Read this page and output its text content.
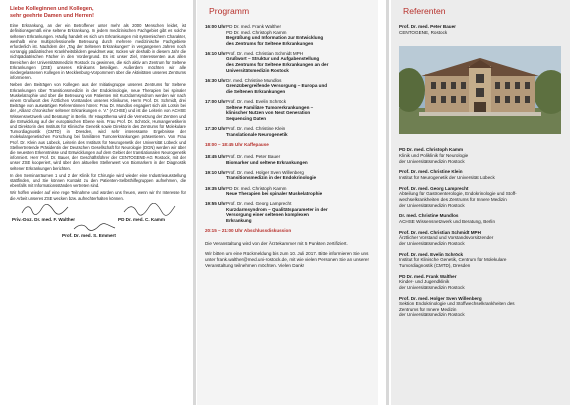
Liebe Kolleginnen und Kollegen,
sehr geehrte Damen und Herren!

Eine Erkrankung, an der ein Betroffener unter mehr als 2000 Menschen leidet, ist definitionsgemäß eine seltene Erkrankung. In jedem medizinischen Fachgebiet gibt es solche seltenen Erkrankungen. Häufig handelt es sich um Erkrankungen mit systemischem Charakter, weshalb eine multiprofessionelle Betreuung durch mehrere medizinische Fachgebiete erforderlich ist. Nachdem der „Tag der Seltenen Erkrankungen“ in vergangenen Jahren noch vorrangig pädiatrischen Krankheitsbildern gewidmet war, rücken wir deshalb in diesem Jahr die nichtpädiatrischen Fächer in den Vordergrund. Es ist unser Ziel, Interessenten aus allen Bereichen der Universitätsmedizin Rostock zu gewinnen, die sich aktiv am Zentrum für Seltene Erkrankungen (ZSE) unseres Klinikums beteiligen. Außerdem möchten wir alle niedergelassenen Kollegen in Mecklenburg-Vorpommern über die Aktivitäten unseres Zentrums informieren.

Neben den Beiträgen von Kollegen aus der Initiativgruppe unseres Zentrums für Seltene Erkrankungen über Transitionsmedizin in der Endokrinologie, neue Therapien bei spinaler Muskelatrophie und über die Betreuung von Patienten mit Kurzdarmsyndrom werden wir nach einem Grußwort des Ärztlichen Vorstandes unseres Klinikums, Herrn Prof. Dr. Schmidt, drei Beiträge von auswärtigen Referentinnen hören: Frau Dr. Mundlos engagiert sich als Lotsin bei der „Allianz chronischer seltener Erkrankungen e. V.“ (ACHSE) und ist die Leiterin von ACHSE Wissensnetzwerk und Beratung“ in Berlin. Ihr Hauptthema wird die Vernetzung der Zentren und die Entwicklung auf der europäischen Ebene sein. Frau Prof. Dr. Schröck, Humangenetikerin und Direktorin des Instituts für Klinische Genetik sowie Direktorin des Zentrums für Molekulare Tumordiagnostik (CMTD) in Dresden, wird sehr interessante Ergebnisse der molekulargenetischen Forschung bei familiären Tumorerkrankungen präsentieren. Von Frau Prof. Dr. Klein aus Lübeck, Leiterin des Instituts für Neurogenetik der Universität Lübeck und Stellvertretende Präsidentin der Deutschen Gesellschaft für Neurologie (DGN) werden wir über die neuesten Erkenntnisse und Entwicklungen auf dem Gebiet der translationalen Neurogenetik informiert. Herr Prof. Dr. Bauer, der Geschäftsführer der CENTOGENE-AG Rostock, mit der unser ZSE kooperiert, wird über den aktuellen Stellenwert von Biomarkern in der Diagnostik seltener Erkrankungen berichten.

In den Seminarräumen 1 und 2 der Klinik für Chirurgie wird wieder eine Industrieausstellung stattfinden, und Sie können Kontakt zu den Patienten-Selbsthilfegruppen aufnehmen, die ebenfalls mit Informationsständen vertreten sind.

Wir hoffen wieder auf eine rege Teilnahme und würden uns freuen, wenn wir Ihr Interesse für die Arbeit unseres ZSE wecken bzw. aufrechterhalten können.

Priv.-Doz. Dr. med. F. Walther	PD Dr. med. C. Kamm
Prof. Dr. med. S. Emmert
Programm
16:00 Uhr PD Dr. med. Frank Walther
PD Dr. med. Christoph Kamm
Begrüßung und Information zur Entwicklung
des Zentrums für Seltene Erkrankungen
16:10 Uhr Prof. Dr. med. Christian Schmidt MPH
Grußwort – Struktur und Aufgabenstellung
des Zentrums für Seltene Erkrankungen an der
Universitätsmedizin Rostock
16:30 Uhr Dr. med. Christine Mundlos
Grenzübergreifende Versorgung – Europa und
die Seltenen Erkrankungen
17:00 Uhr Prof. Dr. med. Evelin Schröck
Seltene Familiäre Tumorerkrankungen –
klinischer Nutzen von Next Generation
Sequencing Daten
17:30 Uhr Prof. Dr. med. Christine Klein
Translationale Neurogenetik
18:00 – 18:45 Uhr Kaffepause
18:45 Uhr Prof. Dr. med. Peter Bauer
Biomarker und seltene Erkrankungen
19:10 Uhr Prof. Dr. med. Holger Sven Willenberg
Transitionsmedizin in der Endokrinologie
19:35 Uhr PD Dr. med. Christoph Kamm
Neue Therapien bei spinaler Muskelatrophie
19:55 Uhr Prof. Dr. med. Georg Lamprecht
Kurzdarmsyndrom – Qualitätsparameter in der
Versorgung einer seltenen komplexen
Erkrankung
20:15 – 21:00 Uhr Abschlussdiskussion
Die Veranstaltung wird von der Ärztekammer mit 5 Punkten zertifiziert.
Wir bitten um eine Rückmeldung bis zum 10. Juli 2017. Bitte informieren Sie uns unter frank.walther@med.uni-rostock.de, mit wie vielen Personen Sie an unserer Veranstaltung teilnehmen möchten. Vielen Dank!
Referenten
Prof. Dr. med. Peter Bauer
CENTOGENE, Rostock
PD Dr. med. Christoph Kamm
Klinik und Poliklinik für Neurologie
der Universitätsmedizin Rostock
Prof. Dr. med. Christine Klein
Institut für Neurogenetik der Universität Lübeck
Prof. Dr. med. Georg Lamprecht
Abteilung für Gastroenterologie, Endokrinologie und Stoff-
wechselkrankheiten des Zentrums für Innere Medizin
der Universitätsmedizin Rostock
Dr. med. Christine Mundlos
ACHSE Wissensnetzwerk und Beratung, Berlin
Prof. Dr. med. Christian Schmidt MPH
Ärztlicher Vorstand und Vorstandsvorsitzender
der Universitätsmedizin Rostock
Prof. Dr. med. Evelin Schröck
Institut für Klinische Genetik, Centrum für Molekulare
Tumordiagnostik (CMTD), Dresden
PD Dr. med. Frank Walther
Kinder- und Jugendklinik
der Universitätsmedizin Rostock
Prof. Dr. med. Holger Sven Willenberg
Sektion Endokrinologie und Stoffwechselkrankheiten des
Zentrums für Innere Medizin
der Universitätsmedizin Rostock
